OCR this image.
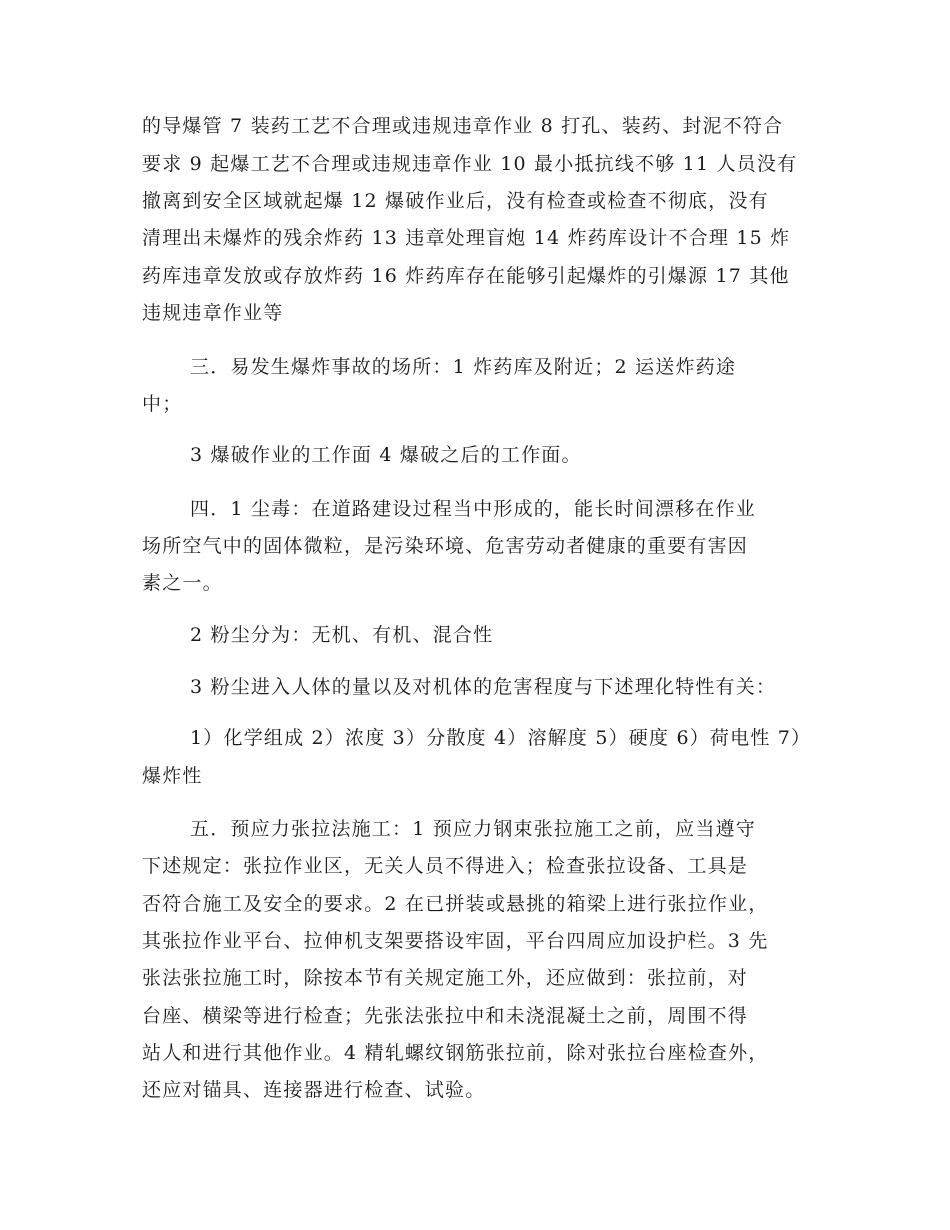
的导爆管 7 装药工艺不合理或违规违章作业 8 打孔、装药、封泥不符合
要求 9 起爆工艺不合理或违规违章作业 10 最小抵抗线不够 11 人员没有
撤离到安全区域就起爆 12 爆破作业后，没有检查或检查不彻底，没有
清理出未爆炸的残余炸药 13 违章处理盲炮 14 炸药库设计不合理 15 炸
药库违章发放或存放炸药 16 炸药库存在能够引起爆炸的引爆源 17 其他
违规违章作业等
三．易发生爆炸事故的场所：1 炸药库及附近；2 运送炸药途
中；
3 爆破作业的工作面 4 爆破之后的工作面。
四．1 尘毒：在道路建设过程当中形成的，能长时间漂移在作业
场所空气中的固体微粒，是污染环境、危害劳动者健康的重要有害因
素之一。
2 粉尘分为：无机、有机、混合性
3 粉尘进入人体的量以及对机体的危害程度与下述理化特性有关：
1）化学组成 2）浓度 3）分散度 4）溶解度 5）硬度 6）荷电性 7）
爆炸性
五．预应力张拉法施工：1 预应力钢束张拉施工之前，应当遵守
下述规定：张拉作业区，无关人员不得进入；检查张拉设备、工具是
否符合施工及安全的要求。2 在已拼装或悬挑的箱梁上进行张拉作业，
其张拉作业平台、拉伸机支架要搭设牢固，平台四周应加设护栏。3 先
张法张拉施工时，除按本节有关规定施工外，还应做到：张拉前，对
台座、横梁等进行检查；先张法张拉中和未浇混凝土之前，周围不得
站人和进行其他作业。4 精轧螺纹钢筋张拉前，除对张拉台座检查外，
还应对锚具、连接器进行检查、试验。
